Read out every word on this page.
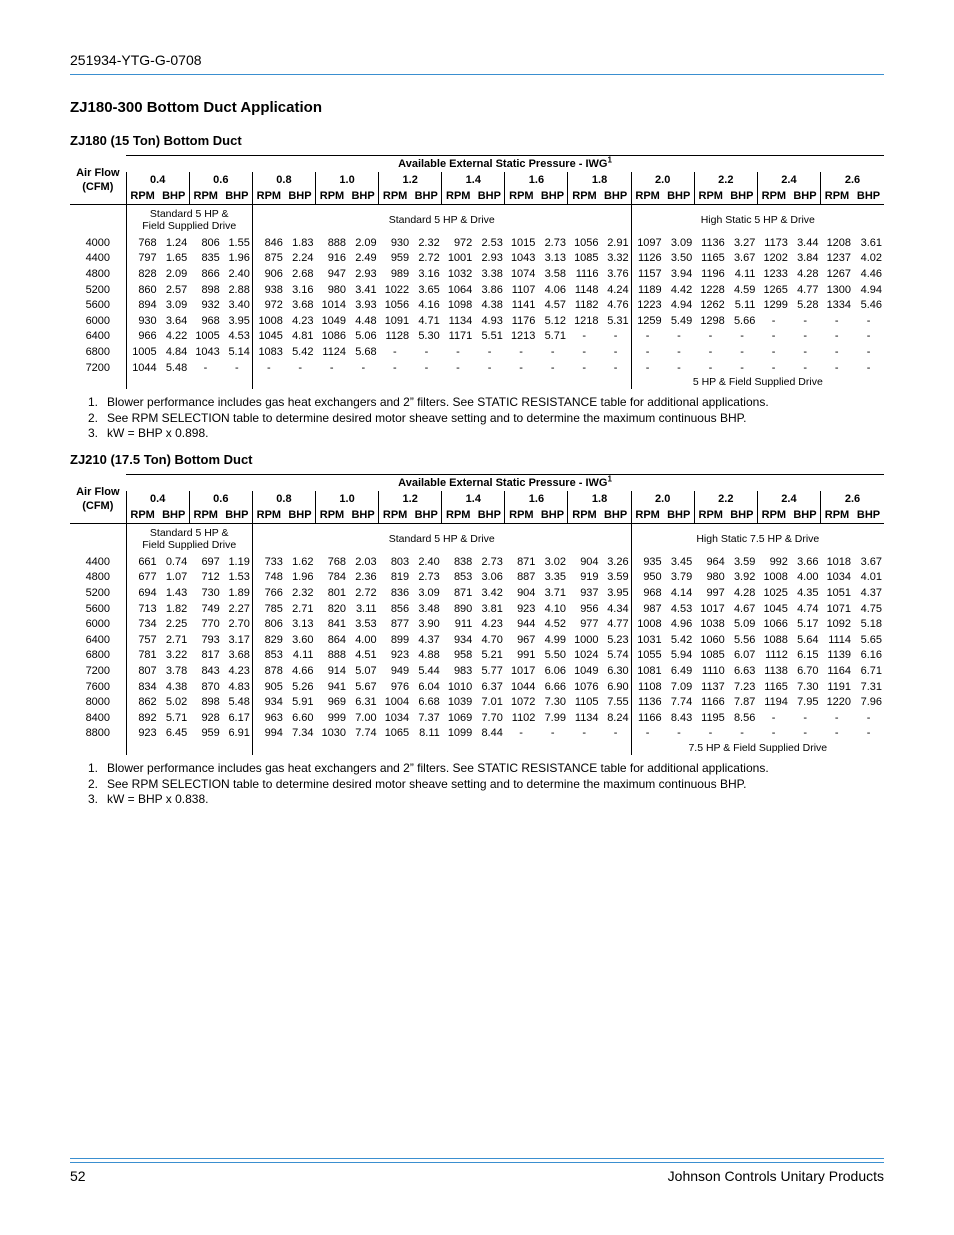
251934-YTG-G-0708
ZJ180-300 Bottom Duct Application
ZJ180 (15 Ton) Bottom Duct
Air Flow
(CFM)	Available External Static Pressure - IWG$^1$
	0.4		0.6		0.8		1.0		1.2		1.4		1.6		1.8		2.0		2.2		2.4		2.6	
	RPM	BHP	RPM	BHP	RPM	BHP	RPM	BHP	RPM	BHP	RPM	BHP	RPM	BHP	RPM	BHP	RPM	BHP	RPM	BHP	RPM	BHP	RPM	BHP

	Standard 5 HP &
Field Supplied Drive				Standard 5 HP & Drive												High Static 5 HP & Drive							

4000	768	1.24	806	1.55	846	1.83	888	2.09	930	2.32	972	2.53	1015	2.73	1056	2.91	1097	3.09	1136	3.27	1173	3.44	1208	3.61
4400	797	1.65	835	1.96	875	2.24	916	2.49	959	2.72	1001	2.93	1043	3.13	1085	3.32	1126	3.50	1165	3.67	1202	3.84	1237	4.02
4800	828	2.09	866	2.40	906	2.68	947	2.93	989	3.16	1032	3.38	1074	3.58	1116	3.76	1157	3.94	1196	4.11	1233	4.28	1267	4.46
5200	860	2.57	898	2.88	938	3.16	980	3.41	1022	3.65	1064	3.86	1107	4.06	1148	4.24	1189	4.42	1228	4.59	1265	4.77	1300	4.94
5600	894	3.09	932	3.40	972	3.68	1014	3.93	1056	4.16	1098	4.38	1141	4.57	1182	4.76	1223	4.94	1262	5.11	1299	5.28	1334	5.46
6000	930	3.64	968	3.95	1008	4.23	1049	4.48	1091	4.71	1134	4.93	1176	5.12	1218	5.31	1259	5.49	1298	5.66	-	-	-	-
6400	966	4.22	1005	4.53	1045	4.81	1086	5.06	1128	5.30	1171	5.51	1213	5.71	-	-	-	-	-	-	-	-	-	-
6800	1005	4.84	1043	5.14	1083	5.42	1124	5.68	-	-	-	-	-	-	-	-	-	-	-	-	-	-	-	-
7200	1044	5.48	-	-	-	-	-	-	-	-	-	-	-	-	-	-	-	-	-	-	-	-	-	-
																	5 HP & Field Supplied Drive							
1. Blower performance includes gas heat exchangers and 2” filters. See STATIC RESISTANCE table for additional applications.
2. See RPM SELECTION table to determine desired motor sheave setting and to determine the maximum continuous BHP.
3. kW = BHP x 0.898.
ZJ210 (17.5 Ton) Bottom Duct
Air Flow
(CFM)	Available External Static Pressure - IWG$^1$
	0.4		0.6		0.8		1.0		1.2		1.4		1.6		1.8		2.0		2.2		2.4		2.6	
	RPM	BHP	RPM	BHP	RPM	BHP	RPM	BHP	RPM	BHP	RPM	BHP	RPM	BHP	RPM	BHP	RPM	BHP	RPM	BHP	RPM	BHP	RPM	BHP

	Standard 5 HP &
Field Supplied Drive				Standard 5 HP & Drive												High Static 7.5 HP & Drive							

4400	661	0.74	697	1.19	733	1.62	768	2.03	803	2.40	838	2.73	871	3.02	904	3.26	935	3.45	964	3.59	992	3.66	1018	3.67
4800	677	1.07	712	1.53	748	1.96	784	2.36	819	2.73	853	3.06	887	3.35	919	3.59	950	3.79	980	3.92	1008	4.00	1034	4.01
5200	694	1.43	730	1.89	766	2.32	801	2.72	836	3.09	871	3.42	904	3.71	937	3.95	968	4.14	997	4.28	1025	4.35	1051	4.37
5600	713	1.82	749	2.27	785	2.71	820	3.11	856	3.48	890	3.81	923	4.10	956	4.34	987	4.53	1017	4.67	1045	4.74	1071	4.75
6000	734	2.25	770	2.70	806	3.13	841	3.53	877	3.90	911	4.23	944	4.52	977	4.77	1008	4.96	1038	5.09	1066	5.17	1092	5.18
6400	757	2.71	793	3.17	829	3.60	864	4.00	899	4.37	934	4.70	967	4.99	1000	5.23	1031	5.42	1060	5.56	1088	5.64	1114	5.65
6800	781	3.22	817	3.68	853	4.11	888	4.51	923	4.88	958	5.21	991	5.50	1024	5.74	1055	5.94	1085	6.07	1112	6.15	1139	6.16
7200	807	3.78	843	4.23	878	4.66	914	5.07	949	5.44	983	5.77	1017	6.06	1049	6.30	1081	6.49	1110	6.63	1138	6.70	1164	6.71
7600	834	4.38	870	4.83	905	5.26	941	5.67	976	6.04	1010	6.37	1044	6.66	1076	6.90	1108	7.09	1137	7.23	1165	7.30	1191	7.31
8000	862	5.02	898	5.48	934	5.91	969	6.31	1004	6.68	1039	7.01	1072	7.30	1105	7.55	1136	7.74	1166	7.87	1194	7.95	1220	7.96
8400	892	5.71	928	6.17	963	6.60	999	7.00	1034	7.37	1069	7.70	1102	7.99	1134	8.24	1166	8.43	1195	8.56	-	-	-	-
8800	923	6.45	959	6.91	994	7.34	1030	7.74	1065	8.11	1099	8.44	-	-	-	-	-	-	-	-	-	-	-	-
																	7.5 HP & Field Supplied Drive							
1. Blower performance includes gas heat exchangers and 2” filters. See STATIC RESISTANCE table for additional applications.
2. See RPM SELECTION table to determine desired motor sheave setting and to determine the maximum continuous BHP.
3. kW = BHP x 0.838.
52	Johnson Controls Unitary Products
